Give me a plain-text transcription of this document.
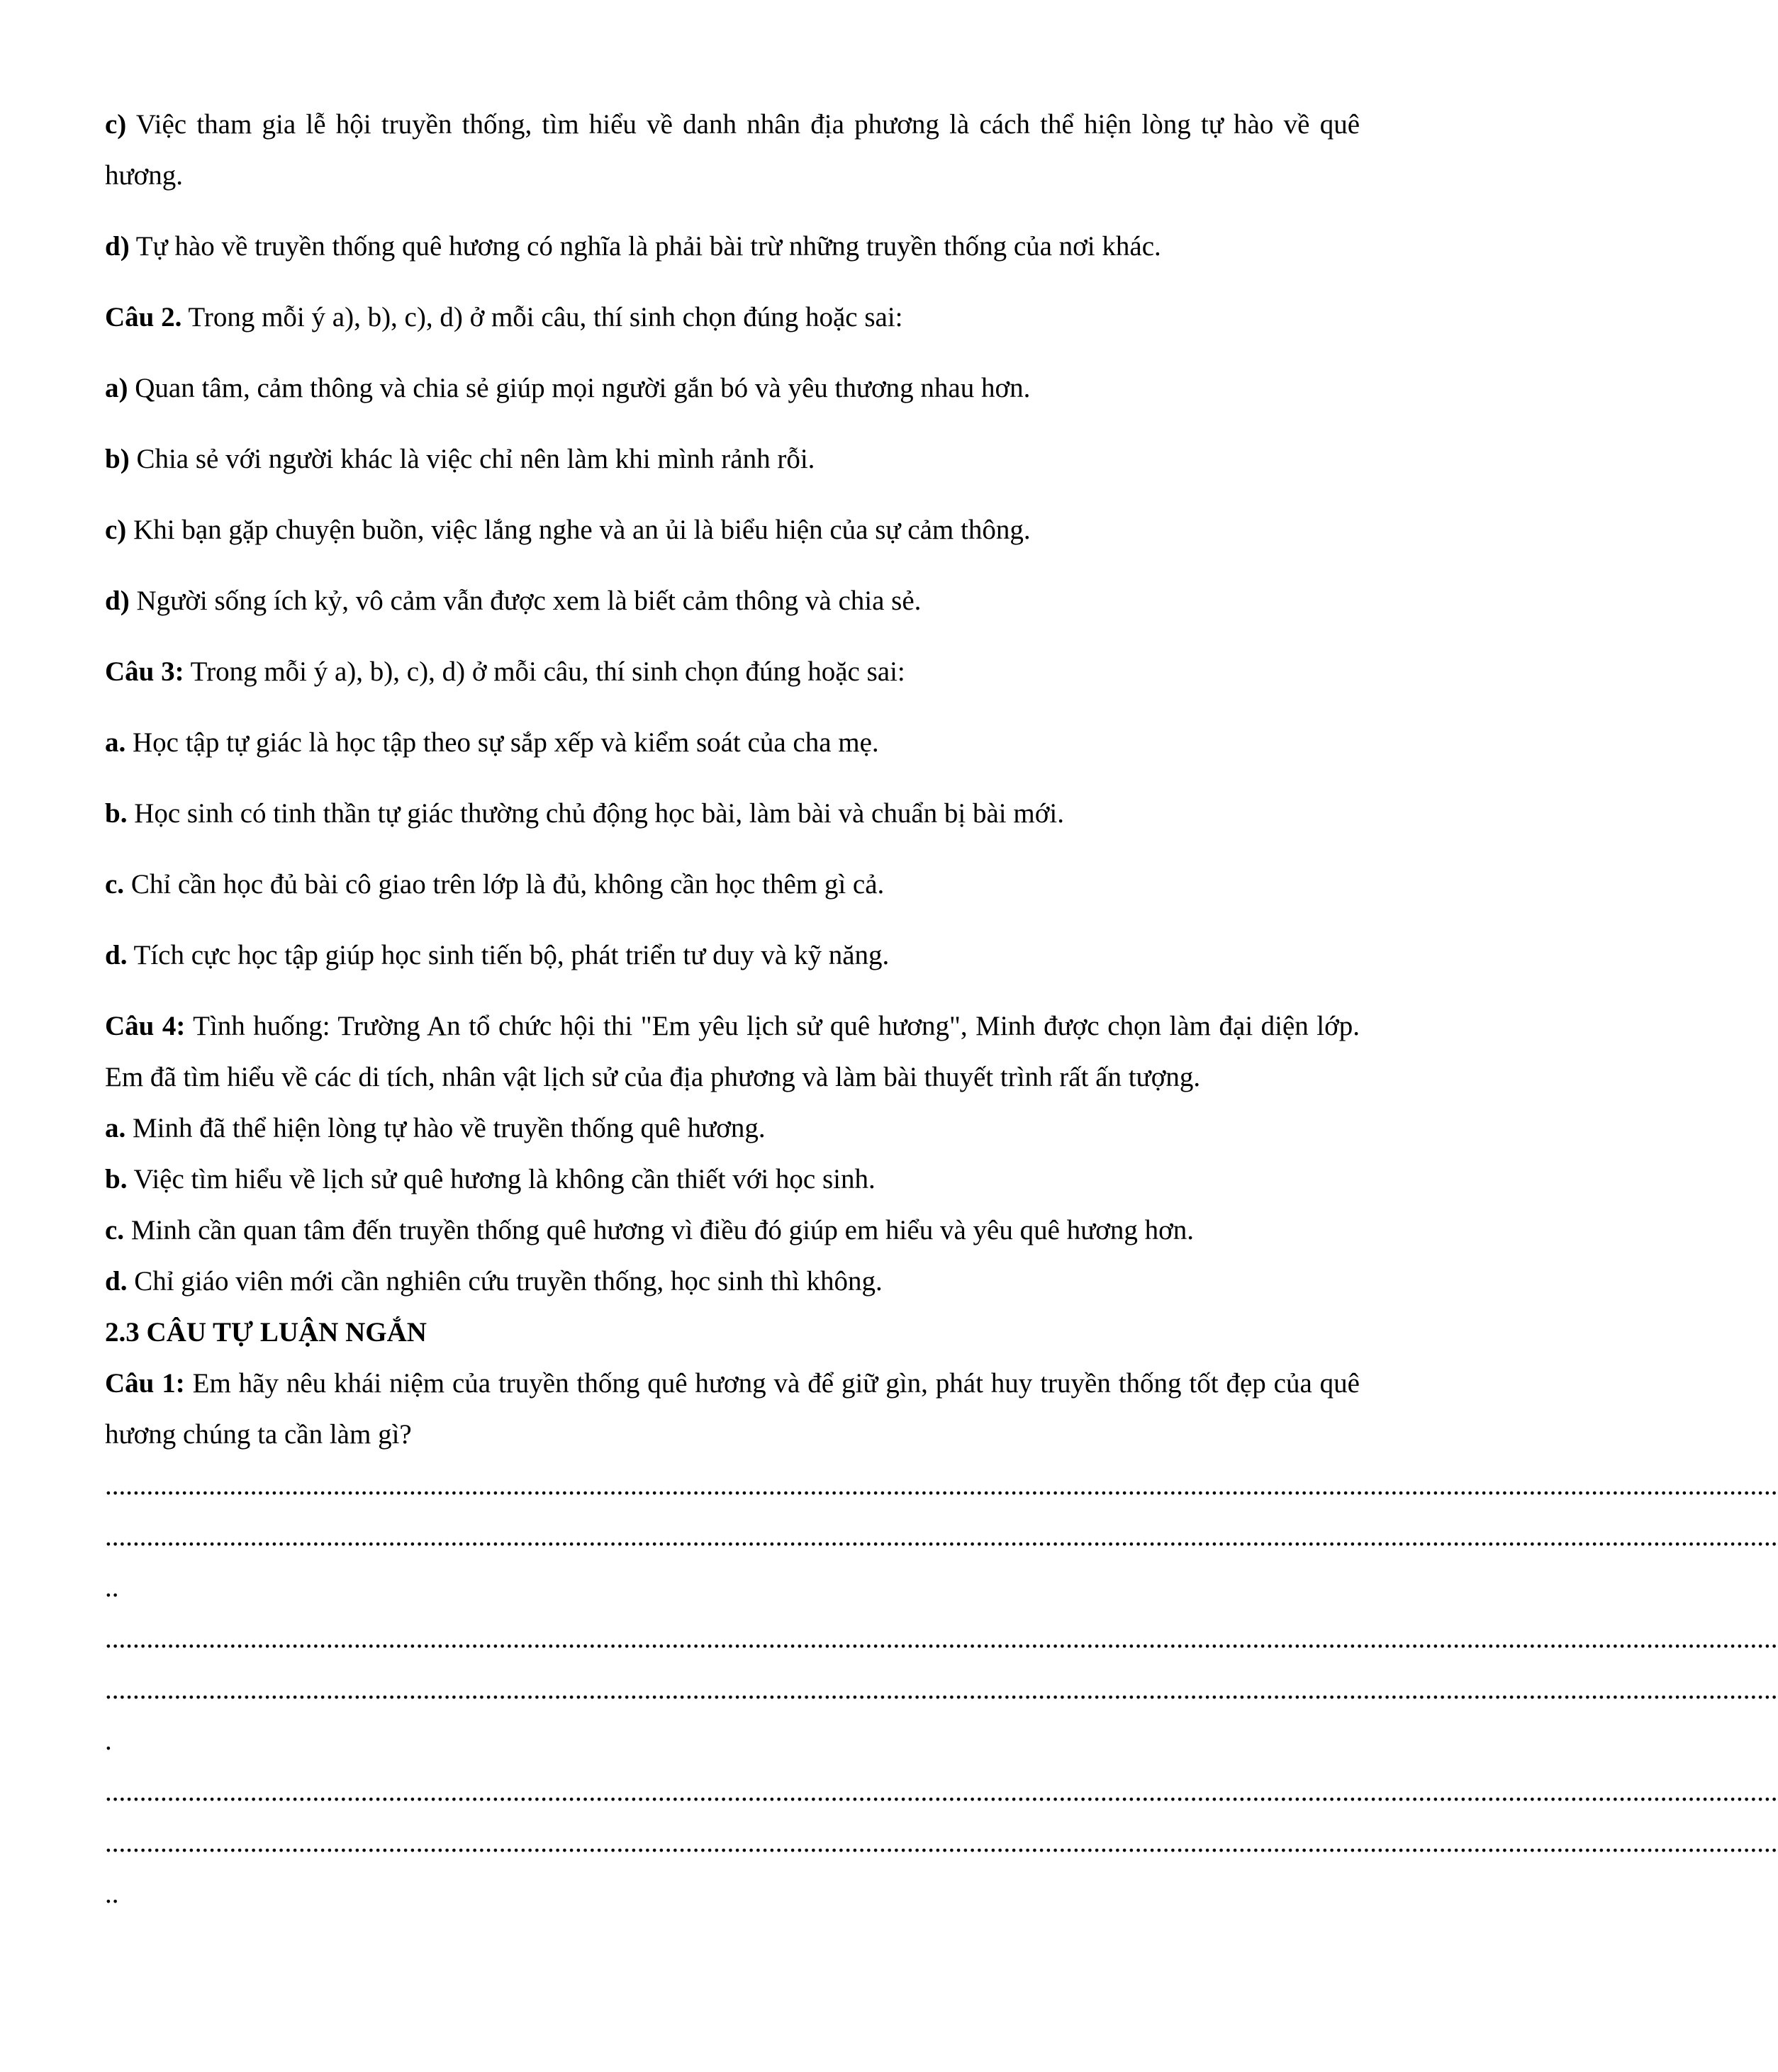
c) Việc tham gia lễ hội truyền thống, tìm hiểu về danh nhân địa phương là cách thể hiện lòng tự hào về quê hương.

d) Tự hào về truyền thống quê hương có nghĩa là phải bài trừ những truyền thống của nơi khác.

Câu 2. Trong mỗi ý a), b), c), d) ở mỗi câu, thí sinh chọn đúng hoặc sai:

a) Quan tâm, cảm thông và chia sẻ giúp mọi người gắn bó và yêu thương nhau hơn.

b) Chia sẻ với người khác là việc chỉ nên làm khi mình rảnh rỗi.

c) Khi bạn gặp chuyện buồn, việc lắng nghe và an ủi là biểu hiện của sự cảm thông.

d) Người sống ích kỷ, vô cảm vẫn được xem là biết cảm thông và chia sẻ.

Câu 3: Trong mỗi ý a), b), c), d) ở mỗi câu, thí sinh chọn đúng hoặc sai:

a. Học tập tự giác là học tập theo sự sắp xếp và kiểm soát của cha mẹ.

b. Học sinh có tinh thần tự giác thường chủ động học bài, làm bài và chuẩn bị bài mới.

c. Chỉ cần học đủ bài cô giao trên lớp là đủ, không cần học thêm gì cả.

d. Tích cực học tập giúp học sinh tiến bộ, phát triển tư duy và kỹ năng.

Câu 4: Tình huống: Trường An tổ chức hội thi "Em yêu lịch sử quê hương", Minh được chọn làm đại diện lớp. Em đã tìm hiểu về các di tích, nhân vật lịch sử của địa phương và làm bài thuyết trình rất ấn tượng.

a. Minh đã thể hiện lòng tự hào về truyền thống quê hương.

b. Việc tìm hiểu về lịch sử quê hương là không cần thiết với học sinh.

c. Minh cần quan tâm đến truyền thống quê hương vì điều đó giúp em hiểu và yêu quê hương hơn.

d. Chỉ giáo viên mới cần nghiên cứu truyền thống, học sinh thì không.

2.3 CÂU TỰ LUẬN NGẮN

Câu 1: Em hãy nêu khái niệm của truyền thống quê hương và để giữ gìn, phát huy truyền thống tốt đẹp của quê hương chúng ta cần làm gì?

..................................................................................................................................................................................................................................................

..................................................................................................................................................................................................................................................

..

..................................................................................................................................................................................................................................................

..................................................................................................................................................................................................................................................

.

..................................................................................................................................................................................................................................................

..................................................................................................................................................................................................................................................

..
